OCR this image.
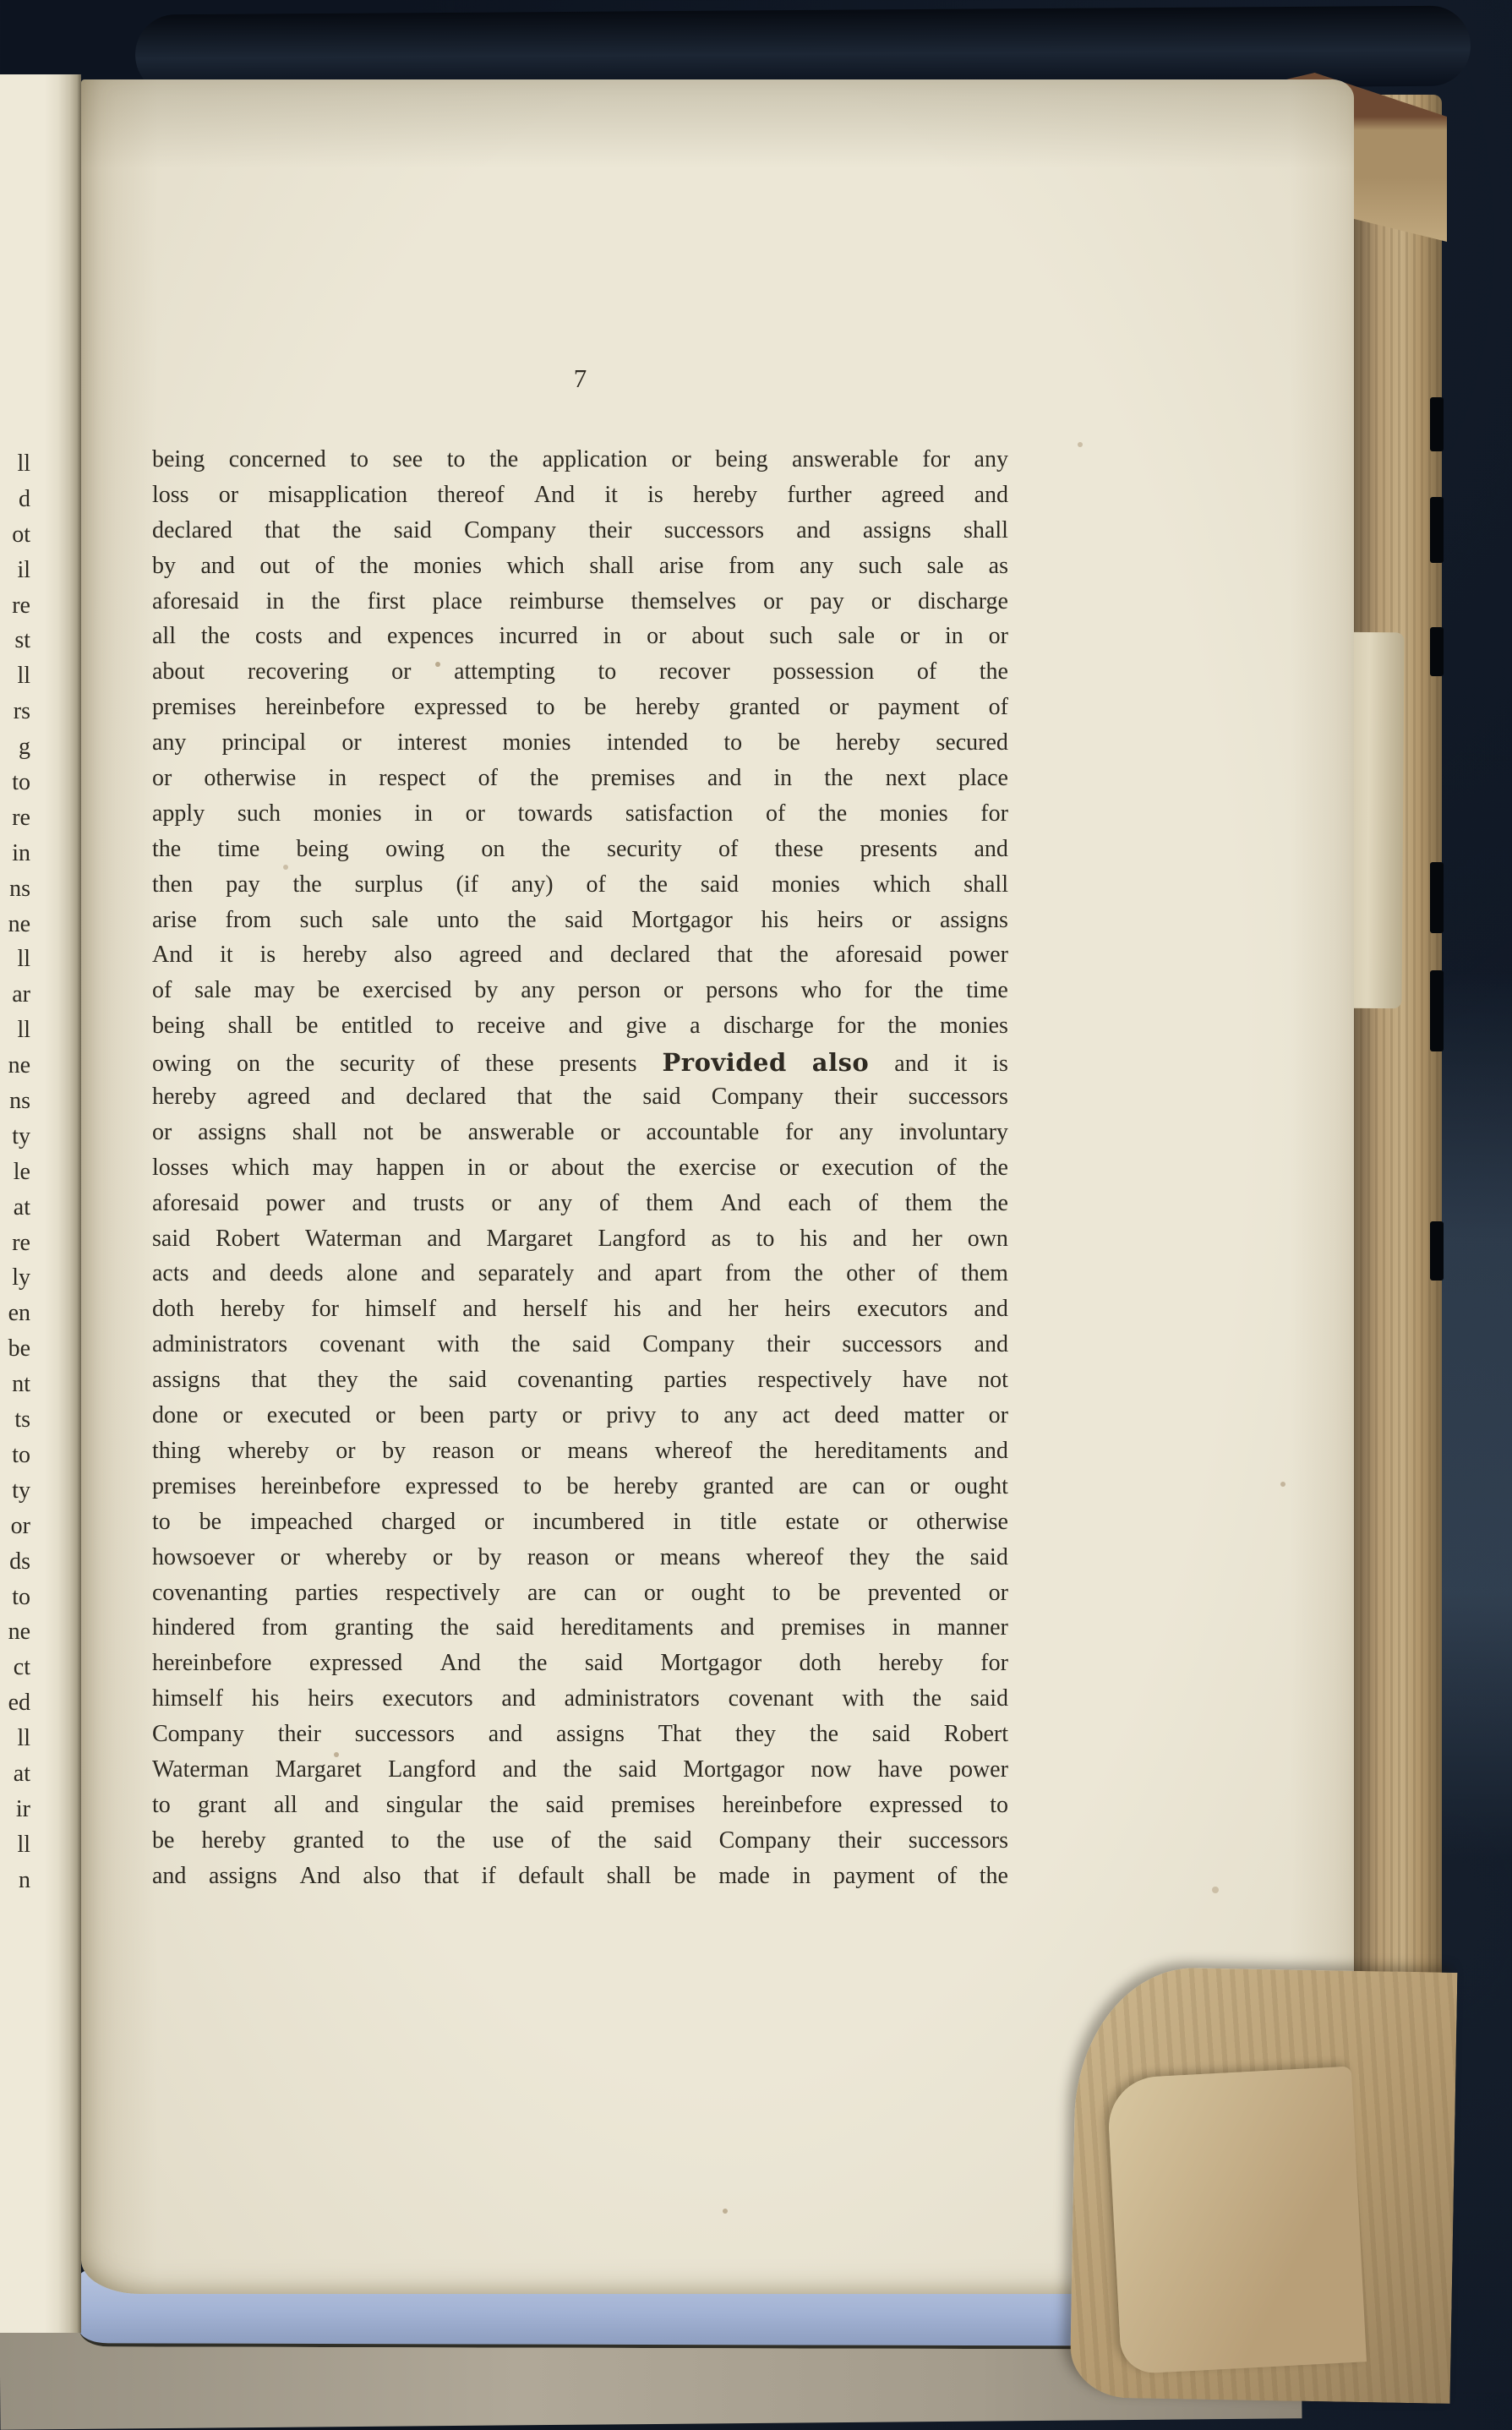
ll
d
ot
il
re
st
ll
rs
g
to
re
in
ns
ne
ll
ar
ll
ne
ns
ty
le
at
re
ly
en
be
nt
ts
to
ty
or
ds
to
ne
ct
ed
ll
at
ir
ll
n
7
being concerned to see to the application or being answerable for any
loss or misapplication thereof And it is hereby further agreed and
declared that the said Company their successors and assigns shall
by and out of the monies which shall arise from any such sale as
aforesaid in the first place reimburse themselves or pay or discharge
all the costs and expences incurred in or about such sale or in or
about recovering or attempting to recover possession of the
premises hereinbefore expressed to be hereby granted or payment of
any principal or interest monies intended to be hereby secured
or otherwise in respect of the premises and in the next place
apply such monies in or towards satisfaction of the monies for
the time being owing on the security of these presents and
then pay the surplus (if any) of the said monies which shall
arise from such sale unto the said Mortgagor his heirs or assigns
And it is hereby also agreed and declared that the aforesaid power
of sale may be exercised by any person or persons who for the time
being shall be entitled to receive and give a discharge for the monies
owing on the security of these presents Provided also and it is
hereby agreed and declared that the said Company their successors
or assigns shall not be answerable or accountable for any involuntary
losses which may happen in or about the exercise or execution of the
aforesaid power and trusts or any of them And each of them the
said Robert Waterman and Margaret Langford as to his and her own
acts and deeds alone and separately and apart from the other of them
doth hereby for himself and herself his and her heirs executors and
administrators covenant with the said Company their successors and
assigns that they the said covenanting parties respectively have not
done or executed or been party or privy to any act deed matter or
thing whereby or by reason or means whereof the hereditaments and
premises hereinbefore expressed to be hereby granted are can or ought
to be impeached charged or incumbered in title estate or otherwise
howsoever or whereby or by reason or means whereof they the said
covenanting parties respectively are can or ought to be prevented or
hindered from granting the said hereditaments and premises in manner
hereinbefore expressed And the said Mortgagor doth hereby for
himself his heirs executors and administrators covenant with the said
Company their successors and assigns That they the said Robert
Waterman Margaret Langford and the said Mortgagor now have power
to grant all and singular the said premises hereinbefore expressed to
be hereby granted to the use of the said Company their successors
and assigns And also that if default shall be made in payment of the
